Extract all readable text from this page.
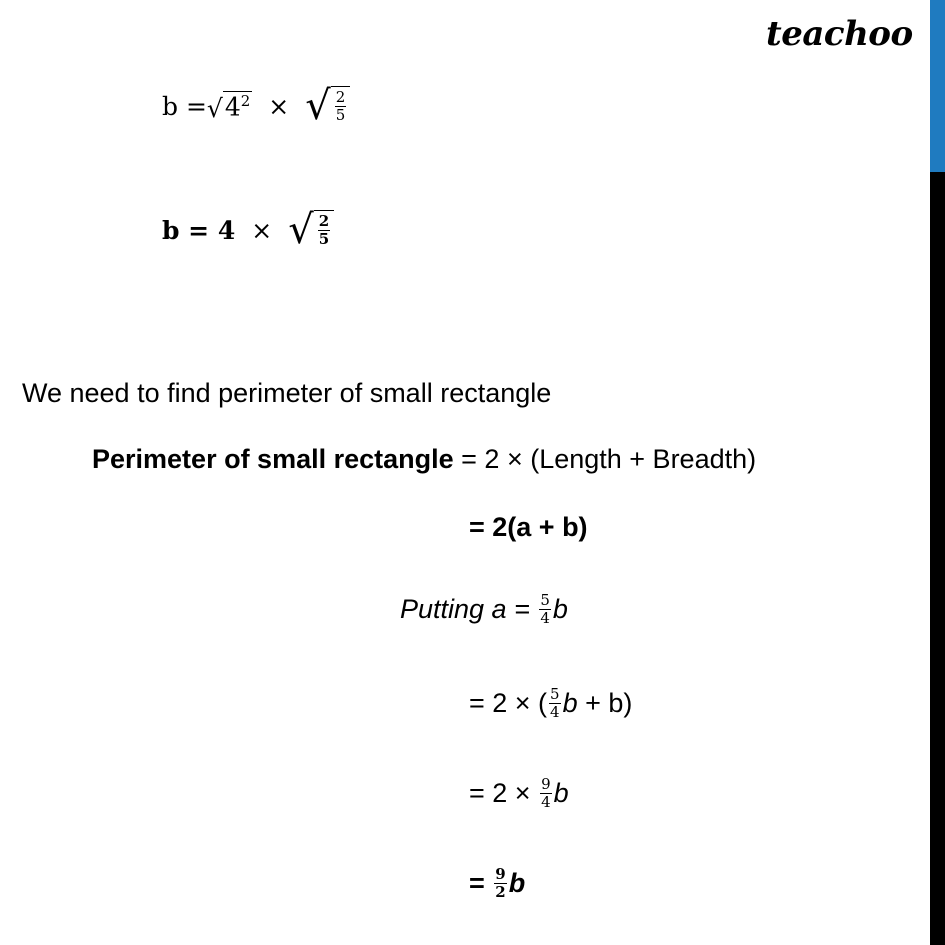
teachoo
b = √ $4^2$ × √ $\frac{2}{5}$
b = 4 × √ $\frac{2}{5}$
We need to find perimeter of small rectangle
Perimeter of small rectangle = 2 × (Length + Breadth)
= 2(a + b)
Putting $a = \frac{5}{4}$ b
= 2 × ( $\frac{5}{4}$ b + b)
= $2 \times \frac{9}{4}$ b
= $\frac{9}{2}$ b
